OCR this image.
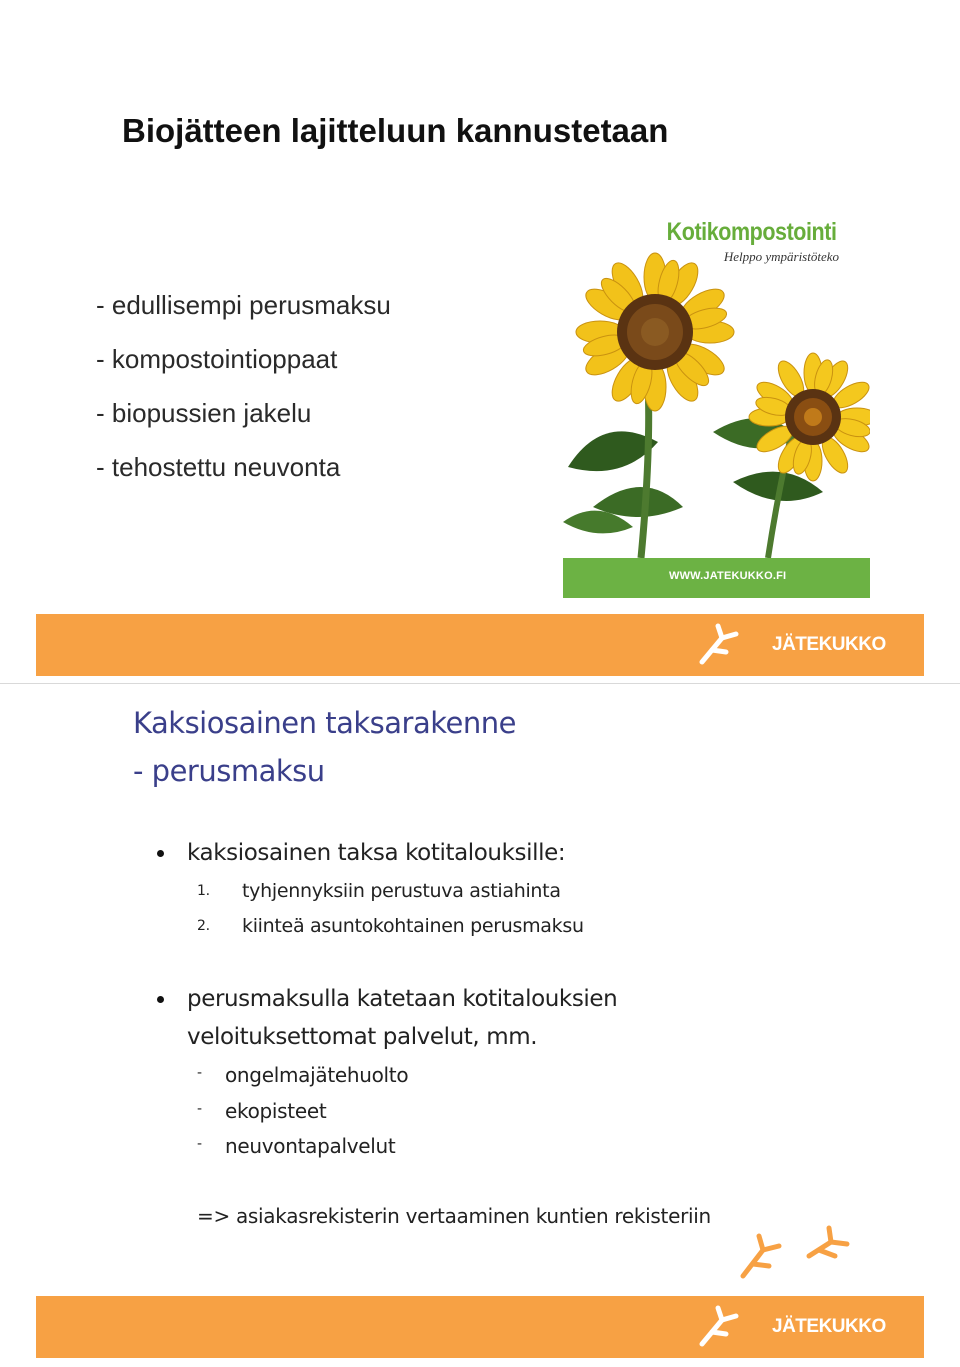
Biojätteen lajitteluun kannustetaan
- edullisempi perusmaksu
- kompostointioppaat
- biopussien jakelu
- tehostettu neuvonta
Kotikompostointi
Helppo ympäristöteko
WWW.JATEKUKKO.FI
JÄTEKUKKO
Kaksiosainen taksarakenne
- perusmaksu
kaksiosainen taksa kotitalouksille:
1. tyhjennyksiin perustuva astiahinta
2. kiinteä asuntokohtainen perusmaksu
perusmaksulla katetaan kotitalouksien
veloituksettomat palvelut, mm.
- ongelmajätehuolto
- ekopisteet
- neuvontapalvelut
=> asiakasrekisterin vertaaminen kuntien rekisteriin
JÄTEKUKKO
